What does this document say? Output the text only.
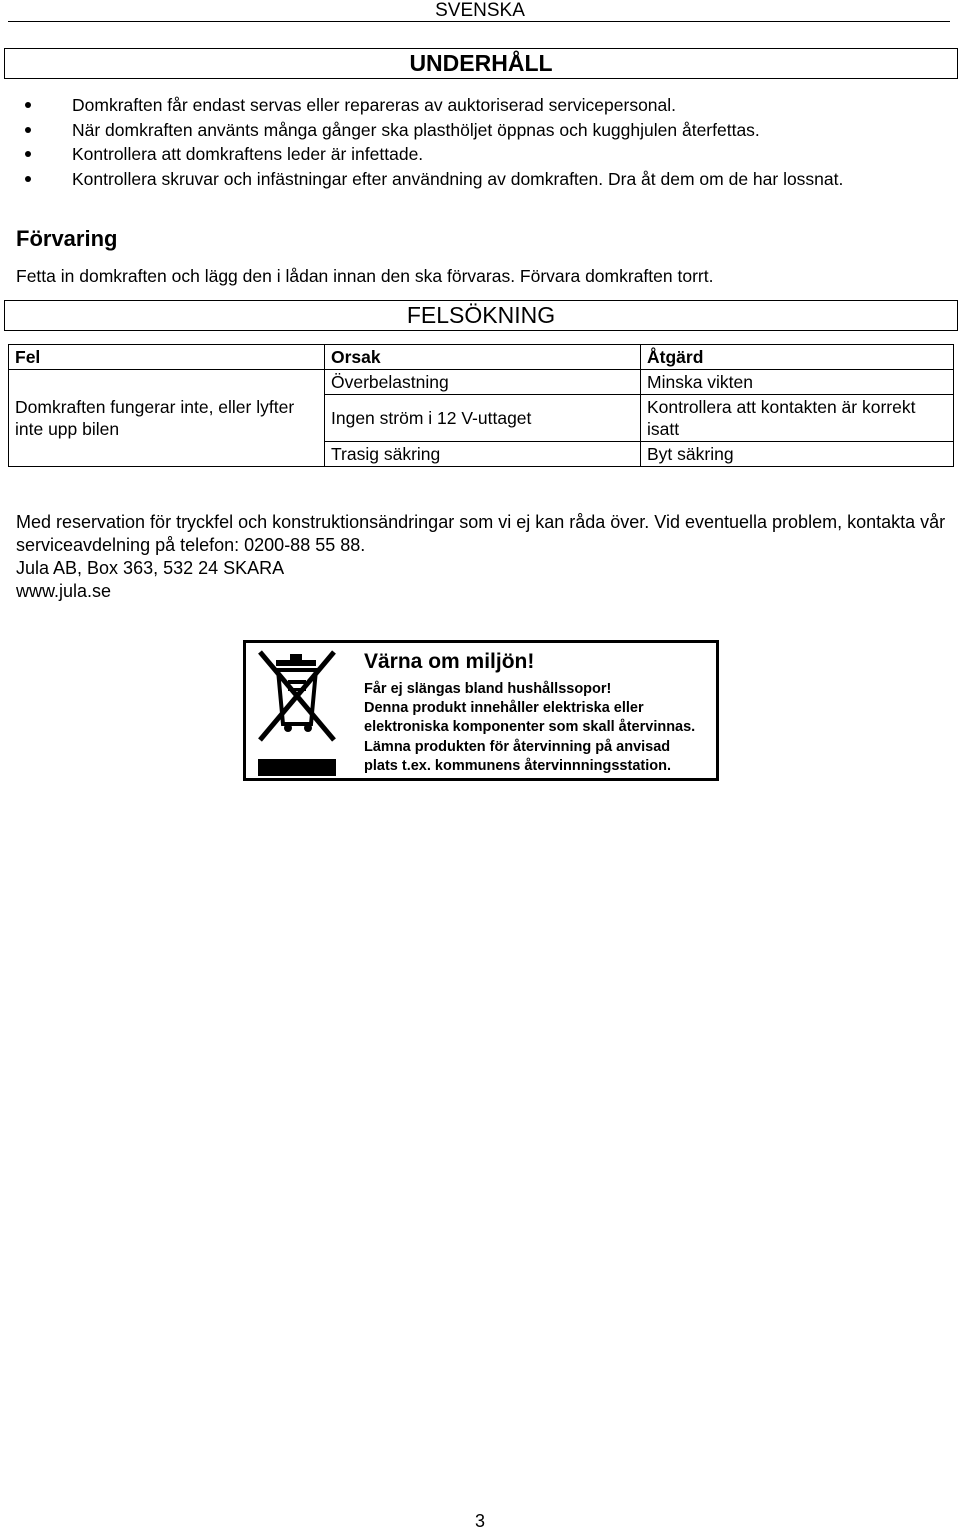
SVENSKA
UNDERHÅLL
Domkraften får endast servas eller repareras av auktoriserad servicepersonal.
När domkraften använts många gånger ska plasthöljet öppnas och kugghjulen återfettas.
Kontrollera att domkraftens leder är infettade.
Kontrollera skruvar och infästningar efter användning av domkraften. Dra åt dem om de har lossnat.
Förvaring
Fetta in domkraften och lägg den i lådan innan den ska förvaras. Förvara domkraften torrt.
FELSÖKNING
Fel	Orsak	Åtgärd
Domkraften fungerar inte, eller lyfter inte upp bilen	Överbelastning	Minska vikten
	Ingen ström i 12 V-uttaget	Kontrollera att kontakten är korrekt isatt
	Trasig säkring	Byt säkring

Med reservation för tryckfel och konstruktionsändringar som vi ej kan råda över. Vid eventuella problem, kontakta vår serviceavdelning på telefon: 0200-88 55 88.

Jula AB, Box 363, 532 24 SKARA

www.jula.se

Värna om miljön!
Får ej slängas bland hushållssopor!
Denna produkt innehåller elektriska eller
elektroniska komponenter som skall återvinnas.
Lämna produkten för återvinning på anvisad
plats t.ex. kommunens återvinnningsstation.
3
